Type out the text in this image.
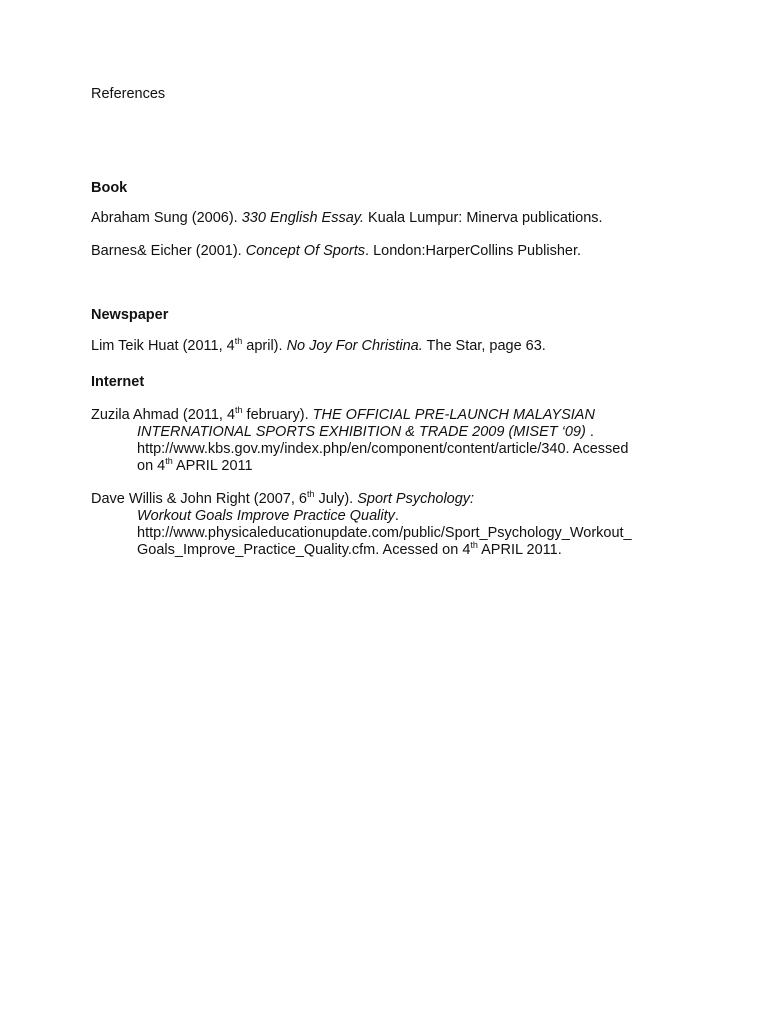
References
Book
Abraham Sung (2006). 330 English Essay. Kuala Lumpur: Minerva publications.
Barnes& Eicher (2001). Concept Of Sports. London:HarperCollins Publisher.
Newspaper
Lim Teik Huat (2011, 4th april). No Joy For Christina. The Star, page 63.
Internet
Zuzila Ahmad (2011, 4th february). THE OFFICIAL PRE-LAUNCH MALAYSIAN
INTERNATIONAL SPORTS EXHIBITION & TRADE 2009 (MISET ‘09) .
http://www.kbs.gov.my/index.php/en/component/content/article/340. Acessed
on 4th APRIL 2011
Dave Willis & John Right (2007, 6th July). Sport Psychology:
Workout Goals Improve Practice Quality.
http://www.physicaleducationupdate.com/public/Sport_Psychology_Workout_
Goals_Improve_Practice_Quality.cfm. Acessed on 4th APRIL 2011.
